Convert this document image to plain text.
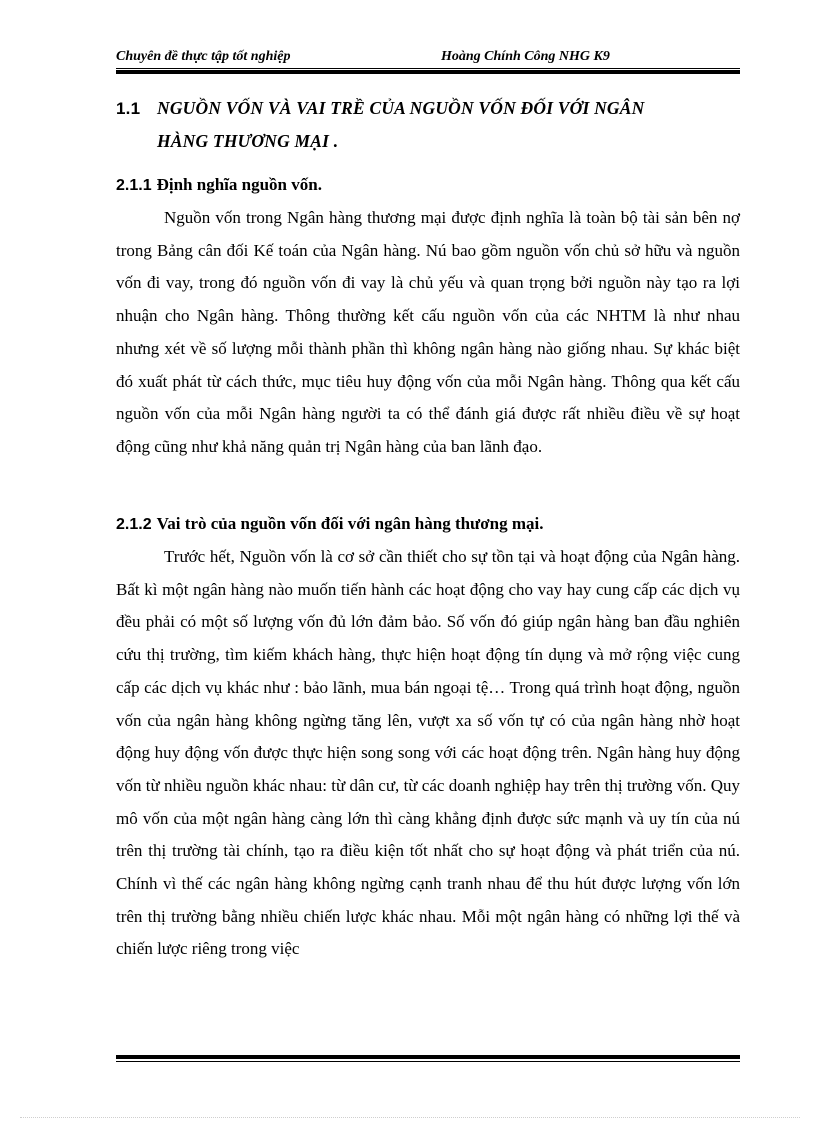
Chuyên đề thực tập tốt nghiệp	Hoàng Chính Công NHG K9
1.1 NGUỒN VỐN VÀ VAI TRỀ CỦA NGUỒN VỐN ĐỐI VỚI NGÂN
HÀNG THƯƠNG MẠI .
2.1.1 Định nghĩa nguồn vốn.

Nguồn vốn trong Ngân hàng thương mại được định nghĩa là toàn bộ tài sản bên nợ trong Bảng cân đối Kế toán của Ngân hàng. Nú bao gồm nguồn vốn chủ sở hữu và nguồn vốn đi vay, trong đó nguồn vốn đi vay là chủ yếu và quan trọng bởi nguồn này tạo ra lợi nhuận cho Ngân hàng. Thông thường kết cấu nguồn vốn của các NHTM là như nhau nhưng xét về số lượng mỗi thành phần thì không ngân hàng nào giống nhau. Sự khác biệt đó xuất phát từ cách thức, mục tiêu huy động vốn của mỗi Ngân hàng. Thông qua kết cấu nguồn vốn của mỗi Ngân hàng người ta có thể đánh giá được rất nhiều điều về sự hoạt động cũng như khả năng quản trị Ngân hàng của ban lãnh đạo.

2.1.2 Vai trò của nguồn vốn đối với ngân hàng thương mại.

Trước hết, Nguồn vốn là cơ sở cần thiết cho sự tồn tại và hoạt động của Ngân hàng. Bất kì một ngân hàng nào muốn tiến hành các hoạt động cho vay hay cung cấp các dịch vụ đều phải có một số lượng vốn đủ lớn đảm bảo. Số vốn đó giúp ngân hàng ban đầu nghiên cứu thị trường, tìm kiếm khách hàng, thực hiện hoạt động tín dụng và mở rộng việc cung cấp các dịch vụ khác như : bảo lãnh, mua bán ngoại tệ… Trong quá trình hoạt động, nguồn vốn của ngân hàng không ngừng tăng lên, vượt xa số vốn tự có của ngân hàng nhờ hoạt động huy động vốn được thực hiện song song với các hoạt động trên. Ngân hàng huy động vốn từ nhiều nguồn khác nhau: từ dân cư, từ các doanh nghiệp hay trên thị trường vốn. Quy mô vốn của một ngân hàng càng lớn thì càng khẳng định được sức mạnh và uy tín của nú trên thị trường tài chính, tạo ra điều kiện tốt nhất cho sự hoạt động và phát triển của nú. Chính vì thế các ngân hàng không ngừng cạnh tranh nhau để thu hút được lượng vốn lớn trên thị trường bằng nhiều chiến lược khác nhau. Mỗi một ngân hàng có những lợi thế và chiến lược riêng trong việc
